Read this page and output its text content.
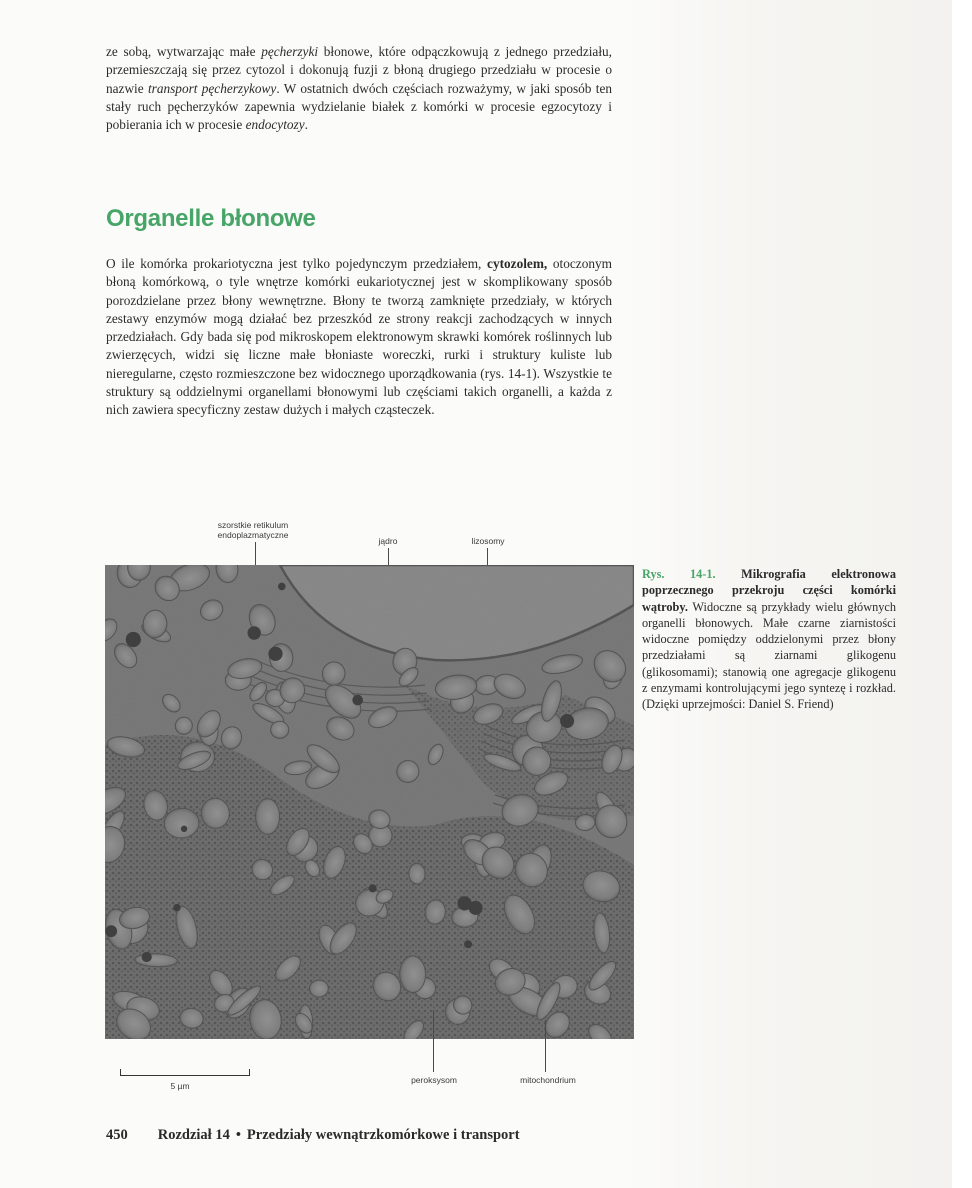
ze sobą, wytwarzając małe pęcherzyki błonowe, które odpączkowują z jednego przedziału, przemieszczają się przez cytozol i dokonują fuzji z błoną drugiego przedziału w procesie o nazwie transport pęcherzykowy. W ostatnich dwóch częściach rozważymy, w jaki sposób ten stały ruch pęcherzyków zapewnia wydzielanie białek z komórki w procesie egzocytozy i pobierania ich w procesie endocytozy.

Organelle błonowe

O ile komórka prokariotyczna jest tylko pojedynczym przedziałem, cytozolem, otoczonym błoną komórkową, o tyle wnętrze komórki eukariotycznej jest w skomplikowany sposób porozdzielane przez błony wewnętrzne. Błony te tworzą zamknięte przedziały, w których zestawy enzymów mogą działać bez przeszkód ze strony reakcji zachodzących w innych przedziałach. Gdy bada się pod mikroskopem elektronowym skrawki komórek roślinnych lub zwierzęcych, widzi się liczne małe błoniaste woreczki, rurki i struktury kuliste lub nieregularne, często rozmieszczone bez widocznego uporządkowania (rys. 14-1). Wszystkie te struktury są oddzielnymi organellami błonowymi lub częściami takich organelli, a każda z nich zawiera specyficzny zestaw dużych i małych cząsteczek.

szorstkie retikulum
endoplazmatyczne
jądro	lizosomy
peroksysom	mitochondrium
5 µm

Rys. 14-1. Mikrografia elektronowa poprzecznego przekroju części komórki wątroby. Widoczne są przykłady wielu głównych organelli błonowych. Małe czarne ziarnistości widoczne pomiędzy oddzielonymi przez błony przedziałami są ziarnami glikogenu (glikosomami); stanowią one agregacje glikogenu z enzymami kontrolującymi jego syntezę i rozkład. (Dzięki uprzejmości: Daniel S. Friend)

450 Rozdział 14 • Przedziały wewnątrzkomórkowe i transport
